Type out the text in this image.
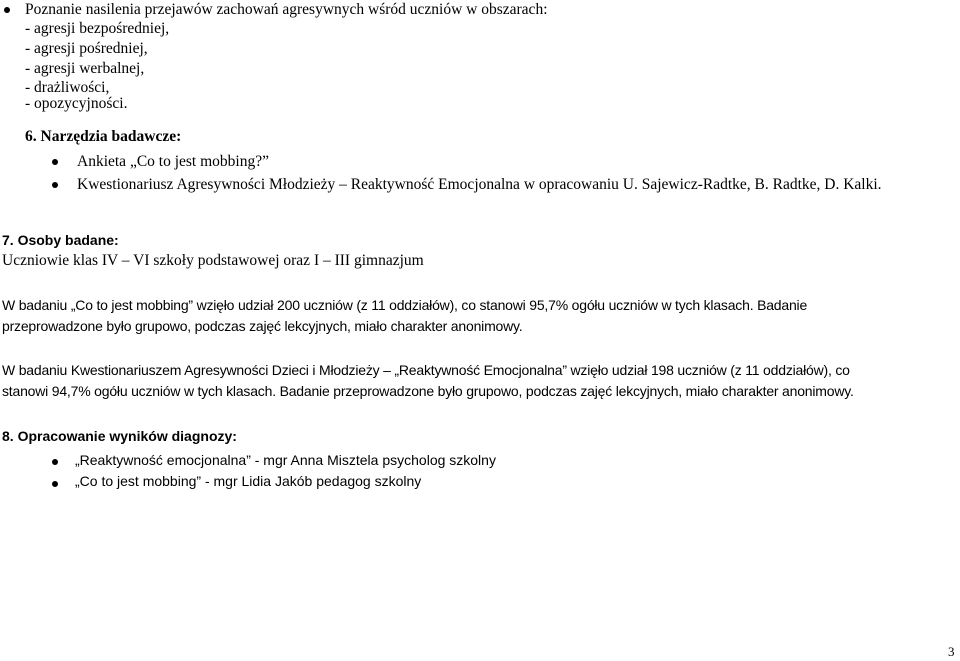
Poznanie nasilenia przejawów zachowań agresywnych wśród uczniów w obszarach:
- agresji bezpośredniej,
- agresji pośredniej,
- agresji werbalnej,
- drażliwości,
- opozycyjności.
6. Narzędzia badawcze:
Ankieta „Co to jest mobbing?”
Kwestionariusz Agresywności Młodzieży – Reaktywność Emocjonalna w opracowaniu U. Sajewicz-Radtke, B. Radtke, D. Kalki.
7. Osoby badane:
Uczniowie klas IV – VI szkoły podstawowej oraz I – III gimnazjum
W badaniu „Co to jest mobbing” wzięło udział 200 uczniów (z 11 oddziałów), co stanowi 95,7% ogółu uczniów w tych klasach. Badanie
przeprowadzone było grupowo, podczas zajęć lekcyjnych, miało charakter anonimowy.
W badaniu Kwestionariuszem Agresywności Dzieci i Młodzieży – „Reaktywność Emocjonalna” wzięło udział 198 uczniów (z 11 oddziałów), co
stanowi 94,7% ogółu uczniów w tych klasach. Badanie przeprowadzone było grupowo, podczas zajęć lekcyjnych, miało charakter anonimowy.
8. Opracowanie wyników diagnozy:
„Reaktywność emocjonalna” - mgr Anna Misztela psycholog szkolny
„Co to jest mobbing” - mgr Lidia Jakób pedagog szkolny
3
